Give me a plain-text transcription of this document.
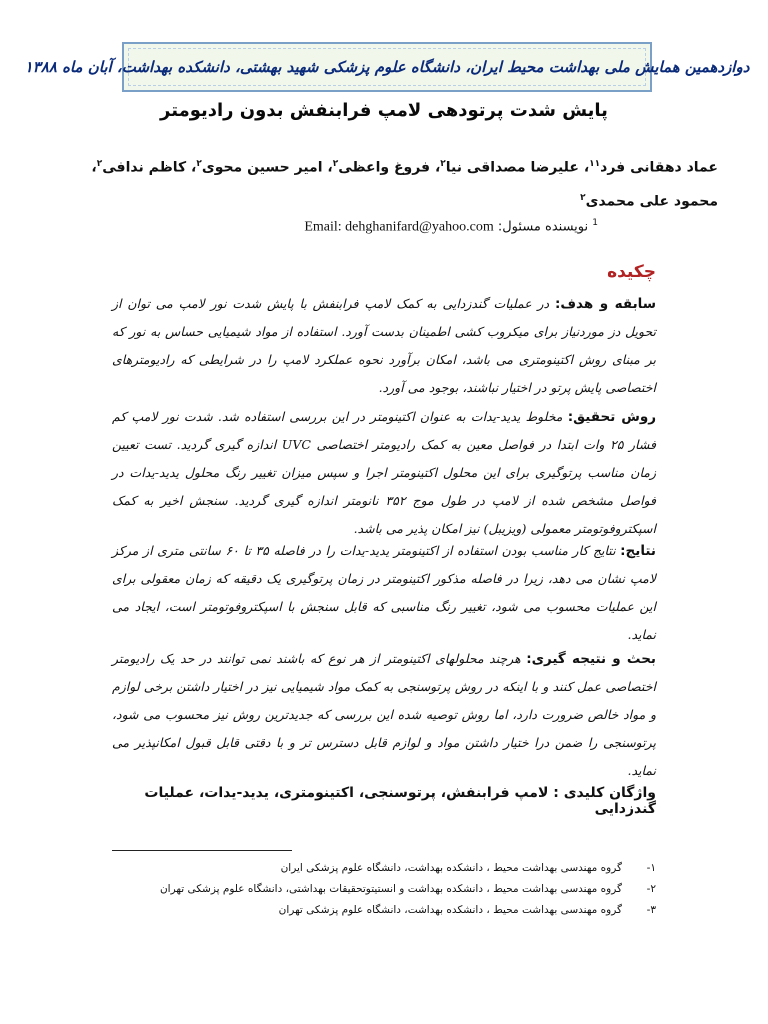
دوازدهمین همایش ملی بهداشت محیط ایران، دانشگاه علوم پزشکی شهید بهشتی، دانشکده بهداشت، آبان ماه ۱۳۸۸
پایش شدت پرتودهی لامپ فرابنفش بدون رادیومتر
عماد دهقانی فرد$^{۱۱}$، علیرضا مصداقی نیا$^۲$، فروغ واعظی$^۲$، امیر حسین محوی$^۲$، کاظم ندافی$^۲$،
محمود علی محمدی$^۲$
$^1$ نویسنده مسئول: Email: dehghanifard@yahoo.com
چکیده
سابقه و هدف: در عملیات گندزدایی به کمک لامپ فرابنفش با پایش شدت نور لامپ می توان از تحویل دز موردنیاز برای میکروب کشی اطمینان بدست آورد. استفاده از مواد شیمیایی حساس به نور که بر مبنای روش اکتینومتری می باشد، امکان برآورد نحوه عملکرد لامپ را در شرایطی که رادیومترهای اختصاصی پایش پرتو در اختیار نباشند، بوجود می آورد.
روش تحقیق: مخلوط یدید-یدات به عنوان اکتینومتر در این بررسی استفاده شد. شدت نور لامپ کم فشار ۲۵ وات ابتدا در فواصل معین به کمک رادیومتر اختصاصی UVC اندازه گیری گردید. تست تعیین زمان مناسب پرتوگیری برای این محلول اکتینومتر اجرا و سپس میزان تغییر رنگ محلول یدید-یدات در فواصل مشخص شده از لامپ در طول موج ۳۵۲ نانومتر اندازه گیری گردید. سنجش اخیر به کمک اسپکتروفوتومتر معمولی (ویزیبل) نیز امکان پذیر می باشد.
نتایج: نتایج کار مناسب بودن استفاده از اکتینومتر یدید-یدات را در فاصله ۳۵ تا ۶۰ سانتی متری از مرکز لامپ نشان می دهد، زیرا در فاصله مذکور اکتینومتر در زمان پرتوگیری یک دقیقه که زمان معقولی برای این عملیات محسوب می شود، تغییر رنگ مناسبی که قابل سنجش با اسپکتروفوتومتر است، ایجاد می نماید.
بحث و نتیجه گیری: هرچند محلولهای اکتینومتر از هر نوع که باشند نمی توانند در حد یک رادیومتر اختصاصی عمل کنند و با اینکه در روش پرتوسنجی به کمک مواد شیمیایی نیز در اختیار داشتن برخی لوازم و مواد خالص ضرورت دارد، اما روش توصیه شده این بررسی که جدیدترین روش نیز محسوب می شود، پرتوسنجی را ضمن درا ختیار داشتن مواد و لوازم قابل دسترس تر و با دقتی قابل قبول امکانپذیر می نماید.
واژگان کلیدی : لامپ فرابنفش، پرتوسنجی، اکتینومتری، یدید-یدات، عملیات گندزدایی
۱-گروه مهندسی بهداشت محیط ، دانشکده بهداشت، دانشگاه علوم پزشکی ایران
۲-گروه مهندسی بهداشت محیط ، دانشکده بهداشت و انستیتوتحقیقات بهداشتی، دانشگاه علوم پزشکی تهران
۳-گروه مهندسی بهداشت محیط ، دانشکده بهداشت، دانشگاه علوم پزشکی تهران
